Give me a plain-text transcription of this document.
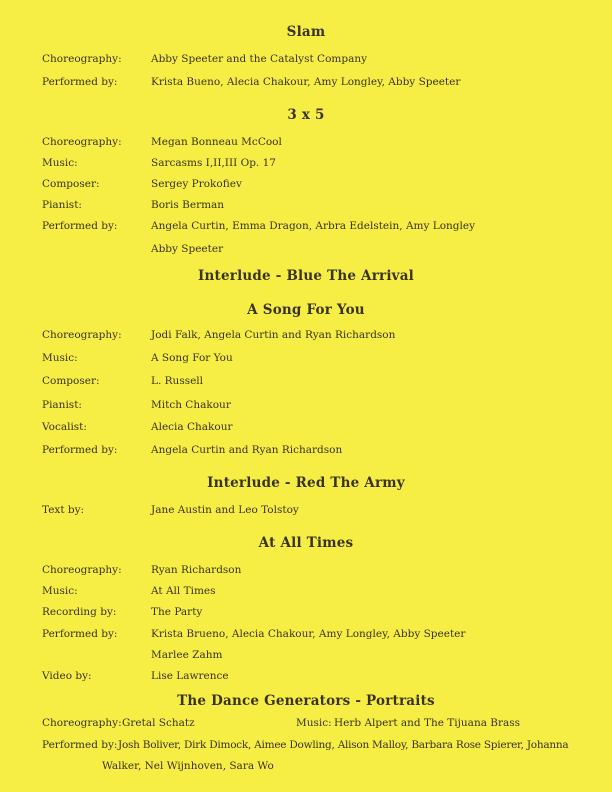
Slam
Choreography:	Abby Speeter and the Catalyst Company
Performed by:	Krista Bueno, Alecia Chakour, Amy Longley, Abby Speeter
3 x 5
Choreography:	Megan Bonneau McCool
Music:	Sarcasms I,II,III Op. 17
Composer:	Sergey Prokofiev
Pianist:	Boris Berman
Performed by:	Angela Curtin, Emma Dragon, Arbra Edelstein, Amy Longley
Abby Speeter
Interlude - Blue The Arrival
A Song For You
Choreography:	Jodi Falk, Angela Curtin and Ryan Richardson
Music:	A Song For You
Composer:	L. Russell
Pianist:	Mitch Chakour
Vocalist:	Alecia Chakour
Performed by:	Angela Curtin and Ryan Richardson
Interlude - Red The Army
Text by:	Jane Austin and Leo Tolstoy
At All Times
Choreography:	Ryan Richardson
Music:	At All Times
Recording by:	The Party
Performed by:	Krista Brueno, Alecia Chakour, Amy Longley, Abby Speeter
Marlee Zahm
Video by:	Lise Lawrence
The Dance Generators - Portraits
Choreography: Gretal Schatz	Music: Herb Alpert and The Tijuana Brass
Performed by: Josh Boliver, Dirk Dimock, Aimee Dowling, Alison Malloy, Barbara Rose Spierer, Johanna
Walker, Nel Wijnhoven, Sara Wo
